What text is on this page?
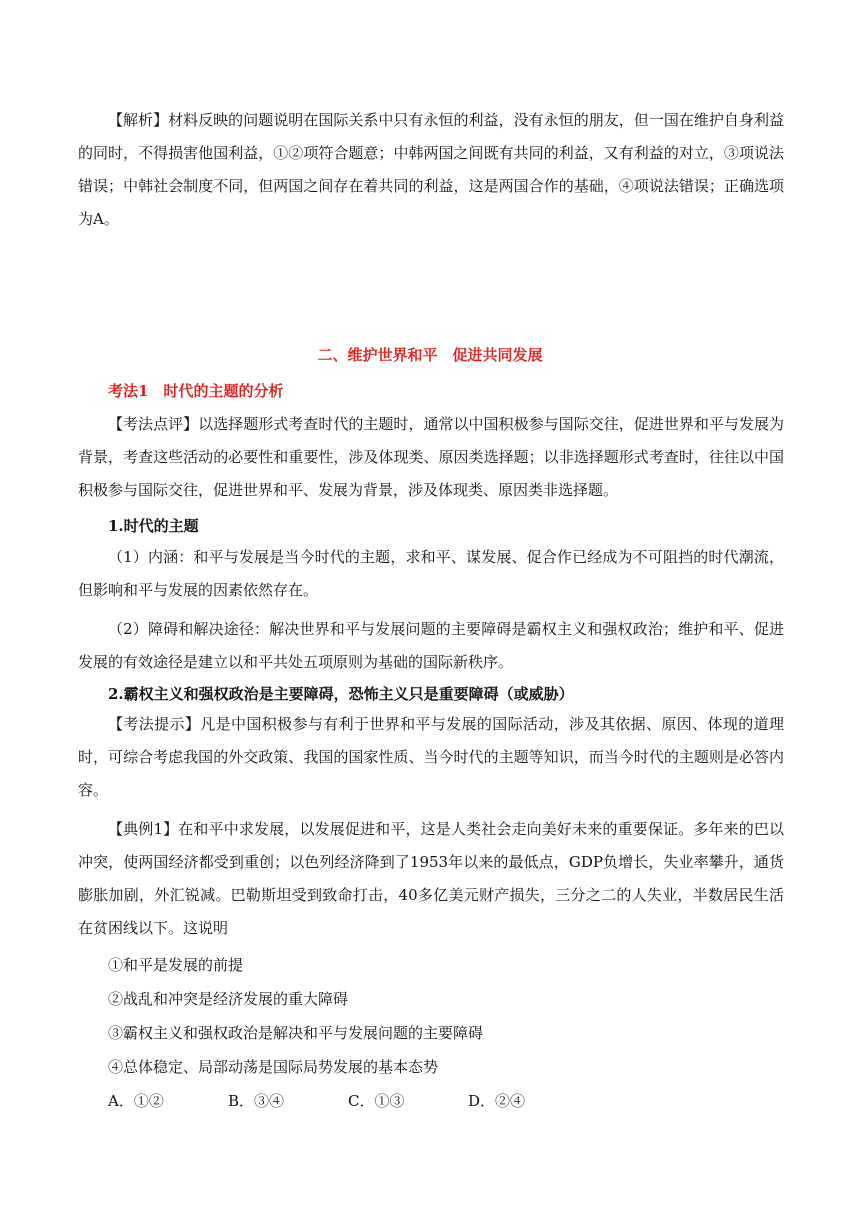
【解析】材料反映的问题说明在国际关系中只有永恒的利益，没有永恒的朋友，但一国在维护自身利益的同时，不得损害他国利益，①②项符合题意；中韩两国之间既有共同的利益，又有利益的对立，③项说法错误；中韩社会制度不同，但两国之间存在着共同的利益，这是两国合作的基础，④项说法错误；正确选项为A。

二、维护世界和平　促进共同发展
考法1　时代的主题的分析

【考法点评】以选择题形式考查时代的主题时，通常以中国积极参与国际交往，促进世界和平与发展为背景，考查这些活动的必要性和重要性，涉及体现类、原因类选择题；以非选择题形式考查时，往往以中国积极参与国际交往，促进世界和平、发展为背景，涉及体现类、原因类非选择题。

1.时代的主题

（1）内涵：和平与发展是当今时代的主题，求和平、谋发展、促合作已经成为不可阻挡的时代潮流，但影响和平与发展的因素依然存在。

（2）障碍和解决途径：解决世界和平与发展问题的主要障碍是霸权主义和强权政治；维护和平、促进发展的有效途径是建立以和平共处五项原则为基础的国际新秩序。

2.霸权主义和强权政治是主要障碍，恐怖主义只是重要障碍（或威胁）

【考法提示】凡是中国积极参与有利于世界和平与发展的国际活动，涉及其依据、原因、体现的道理时，可综合考虑我国的外交政策、我国的国家性质、当今时代的主题等知识，而当今时代的主题则是必答内容。

【典例1】在和平中求发展，以发展促进和平，这是人类社会走向美好未来的重要保证。多年来的巴以冲突，使两国经济都受到重创；以色列经济降到了1953年以来的最低点，GDP负增长，失业率攀升，通货膨胀加剧，外汇锐减。巴勒斯坦受到致命打击，40多亿美元财产损失，三分之二的人失业，半数居民生活在贫困线以下。这说明

①和平是发展的前提
②战乱和冲突是经济发展的重大障碍
③霸权主义和强权政治是解决和平与发展问题的主要障碍
④总体稳定、局部动荡是国际局势发展的基本态势
A．①②	B．③④	C．①③	D．②④
